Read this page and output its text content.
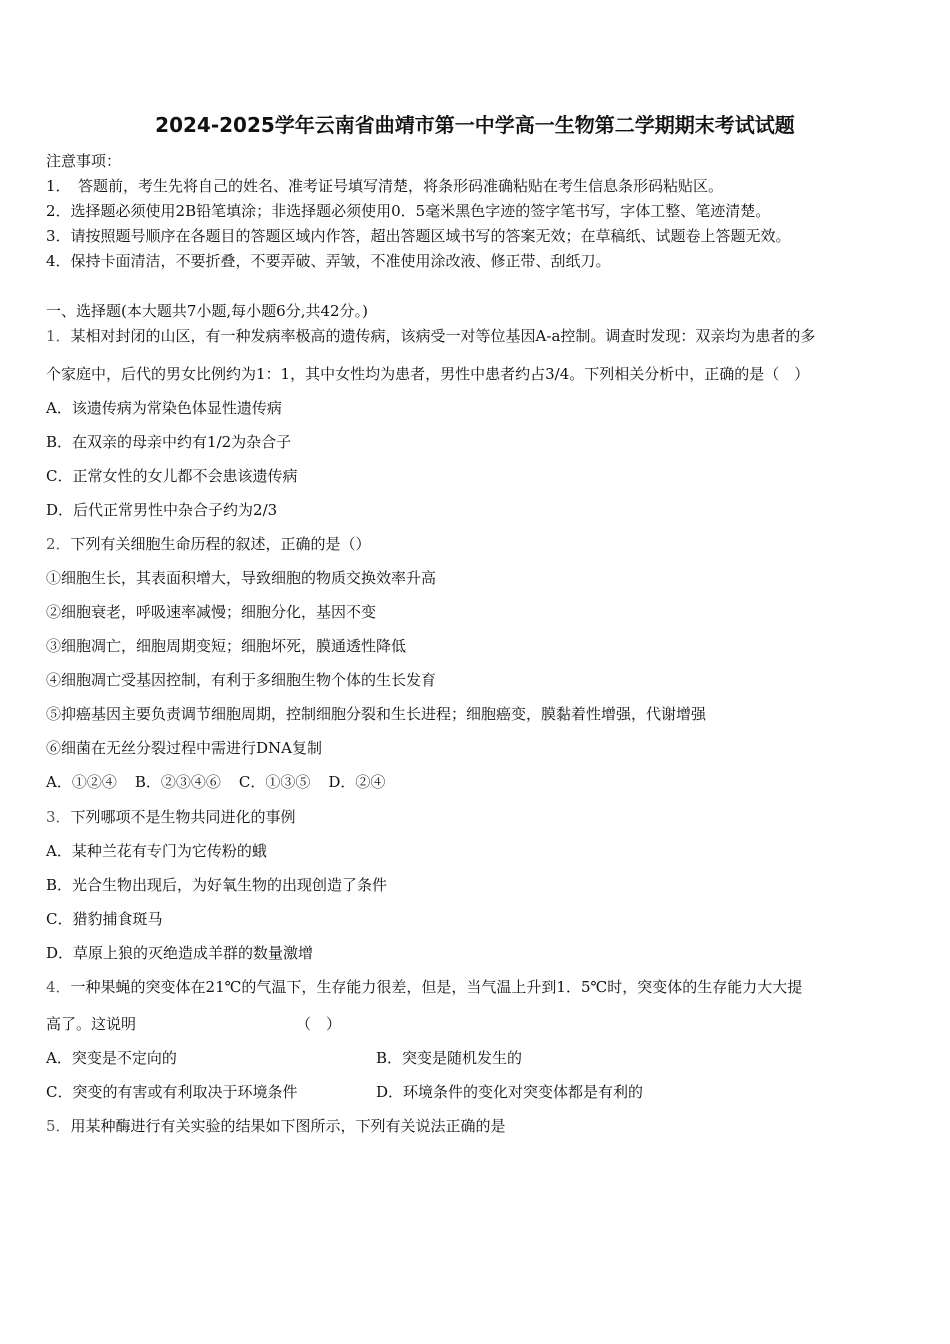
2024-2025学年云南省曲靖市第一中学高一生物第二学期期末考试试题
注意事项：
1．　答题前，考生先将自己的姓名、准考证号填写清楚，将条形码准确粘贴在考生信息条形码粘贴区。
2．选择题必须使用2B铅笔填涂；非选择题必须使用0．5毫米黑色字迹的签字笔书写，字体工整、笔迹清楚。
3．请按照题号顺序在各题目的答题区域内作答，超出答题区域书写的答案无效；在草稿纸、试题卷上答题无效。
4．保持卡面清洁，不要折叠，不要弄破、弄皱，不准使用涂改液、修正带、刮纸刀。
一、选择题(本大题共7小题,每小题6分,共42分。)
1．某相对封闭的山区，有一种发病率极高的遗传病，该病受一对等位基因A-a控制。调查时发现：双亲均为患者的多
个家庭中，后代的男女比例约为1：1，其中女性均为患者，男性中患者约占3/4。下列相关分析中，正确的是（　）
A．该遗传病为常染色体显性遗传病
B．在双亲的母亲中约有1/2为杂合子
C．正常女性的女儿都不会患该遗传病
D．后代正常男性中杂合子约为2/3
2．下列有关细胞生命历程的叙述，正确的是（）
①细胞生长，其表面积增大，导致细胞的物质交换效率升高
②细胞衰老，呼吸速率减慢；细胞分化，基因不变
③细胞凋亡，细胞周期变短；细胞坏死，膜通透性降低
④细胞凋亡受基因控制，有利于多细胞生物个体的生长发育
⑤抑癌基因主要负责调节细胞周期，控制细胞分裂和生长进程；细胞癌变，膜黏着性增强，代谢增强
⑥细菌在无丝分裂过程中需进行DNA复制
A．①②④ B．②③④⑥ C．①③⑤ D．②④
3．下列哪项不是生物共同进化的事例
A．某种兰花有专门为它传粉的蛾
B．光合生物出现后，为好氧生物的出现创造了条件
C．猎豹捕食斑马
D．草原上狼的灭绝造成羊群的数量激增
4．一种果蝇的突变体在21℃的气温下，生存能力很差，但是，当气温上升到1．5℃时，突变体的生存能力大大提
高了。这说明	（　）
A．突变是不定向的	B．突变是随机发生的
C．突变的有害或有利取决于环境条件	D．环境条件的变化对突变体都是有利的
5．用某种酶进行有关实验的结果如下图所示，下列有关说法正确的是
